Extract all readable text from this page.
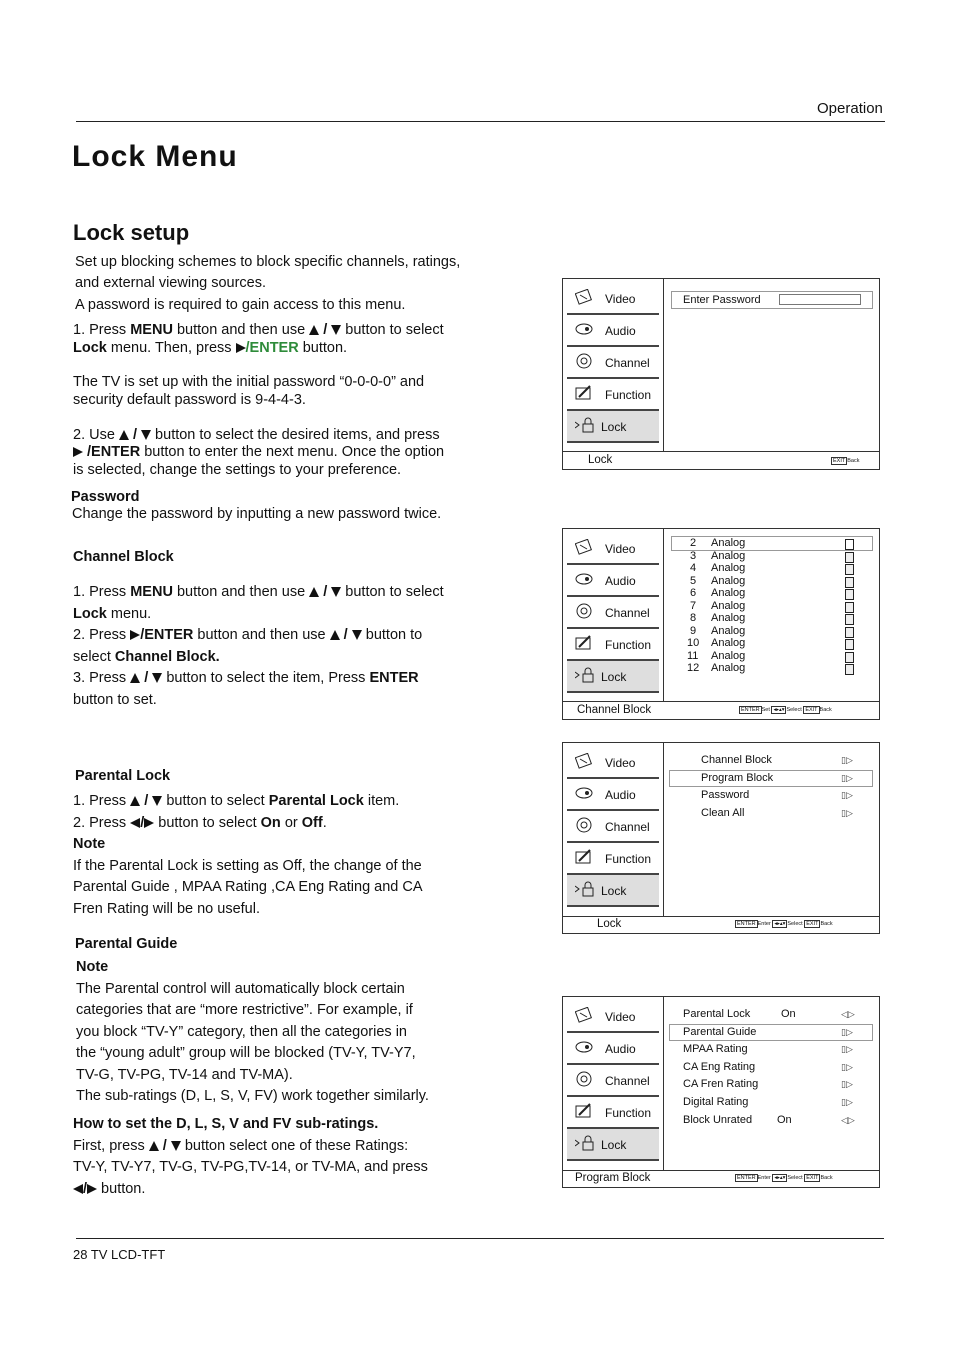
Operation
Lock Menu
Lock setup
Set up blocking schemes to block specific channels, ratings,
and external viewing sources.
A password is required to gain access to this menu.
1. Press MENU button and then use  /  button to select
Lock menu. Then, press /ENTER button.
The TV is set up with the initial password “0-0-0-0” and
security default password is 9-4-4-3.
2. Use  /  button to select the desired items, and press
/ENTER button to enter the next menu. Once the option
is selected, change the settings to your preference.
Password
Change the password by inputting a new password twice.
Channel Block
1. Press MENU button and then use  /  button to select
Lock menu.
2. Press /ENTER button and then use  /  button to
select Channel Block.
3. Press  /  button to select the item, Press ENTER
button to set.
Parental Lock
1. Press  /  button to select Parental Lock item.
2. Press / button to select On or Off.
Note
If the Parental Lock is setting as Off, the change of the
Parental Guide , MPAA Rating ,CA Eng Rating and CA
Fren Rating will be no useful.
Parental Guide
Note
The Parental control will automatically block certain
categories that are “more restrictive”. For example, if
you block “TV-Y” category, then all the categories in
the “young adult” group will be blocked (TV-Y, TV-Y7,
TV-G, TV-PG, TV-14 and TV-MA).
The sub-ratings (D, L, S, V, FV) work together similarly.
How to set the D, L, S, V and FV sub-ratings.
First, press  /  button select one of these Ratings:
TV-Y, TV-Y7, TV-G, TV-PG,TV-14, or TV-MA, and press
/ button.
28 TV LCD-TFT
Video
Audio
Channel
Function
Lock
Enter Password
Lock	EXIT Back
Video
Audio
Channel
Function
Lock
Channel Block	ENTER Set ◂▸▴▾ Select EXIT Back
2 Analog
3 Analog
4 Analog
5 Analog
6 Analog
7 Analog
8 Analog
9 Analog
10 Analog
11 Analog
12 Analog
Video
Audio
Channel
Function
Lock
Lock	ENTER Enter ◂▸▴▾ Select EXIT Back
Channel Block	▯▷
Program Block	▯▷
Password	▯▷
Clean All	▯▷
Video
Audio
Channel
Function
Lock
Program Block	ENTER Enter ◂▸▴▾ Select EXIT Back
Parental Lock	On	◁▷
Parental Guide	▯▷
MPAA Rating	▯▷
CA Eng Rating	▯▷
CA Fren Rating	▯▷
Digital Rating	▯▷
Block Unrated On	◁▷
